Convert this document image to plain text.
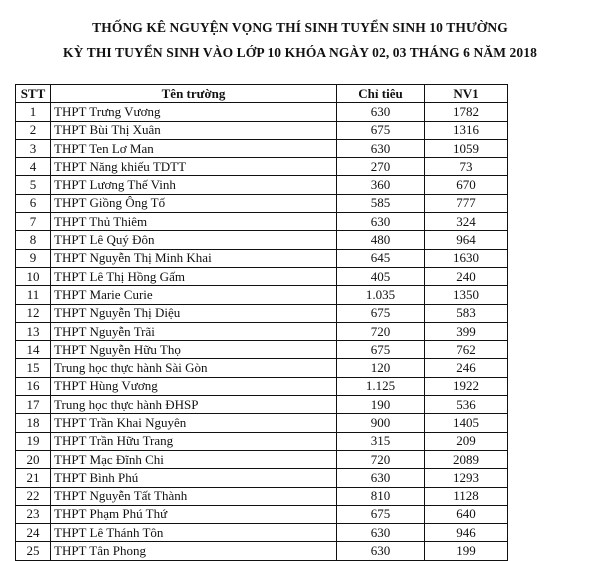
THỐNG KÊ NGUYỆN VỌNG THÍ SINH TUYỂN SINH 10 THƯỜNG
KỲ THI TUYỂN SINH VÀO LỚP 10 KHÓA NGÀY 02, 03 THÁNG 6 NĂM 2018
STT	Tên trường	Chỉ tiêu	NV1
1	THPT Trưng Vương	630	1782
2	THPT Bùi Thị Xuân	675	1316
3	THPT Ten Lơ Man	630	1059
4	THPT Năng khiếu TDTT	270	73
5	THPT Lương Thế Vinh	360	670
6	THPT Giồng Ông Tố	585	777
7	THPT Thủ Thiêm	630	324
8	THPT Lê Quý Đôn	480	964
9	THPT Nguyễn Thị Minh Khai	645	1630
10	THPT Lê Thị Hồng Gấm	405	240
11	THPT Marie Curie	1.035	1350
12	THPT Nguyễn Thị Diệu	675	583
13	THPT Nguyễn Trãi	720	399
14	THPT Nguyễn Hữu Thọ	675	762
15	Trung học thực hành Sài Gòn	120	246
16	THPT Hùng Vương	1.125	1922
17	Trung học thực hành ĐHSP	190	536
18	THPT Trần Khai Nguyên	900	1405
19	THPT Trần Hữu Trang	315	209
20	THPT Mạc Đĩnh Chi	720	2089
21	THPT Bình Phú	630	1293
22	THPT Nguyễn Tất Thành	810	1128
23	THPT Phạm Phú Thứ	675	640
24	THPT Lê Thánh Tôn	630	946
25	THPT Tân Phong	630	199
